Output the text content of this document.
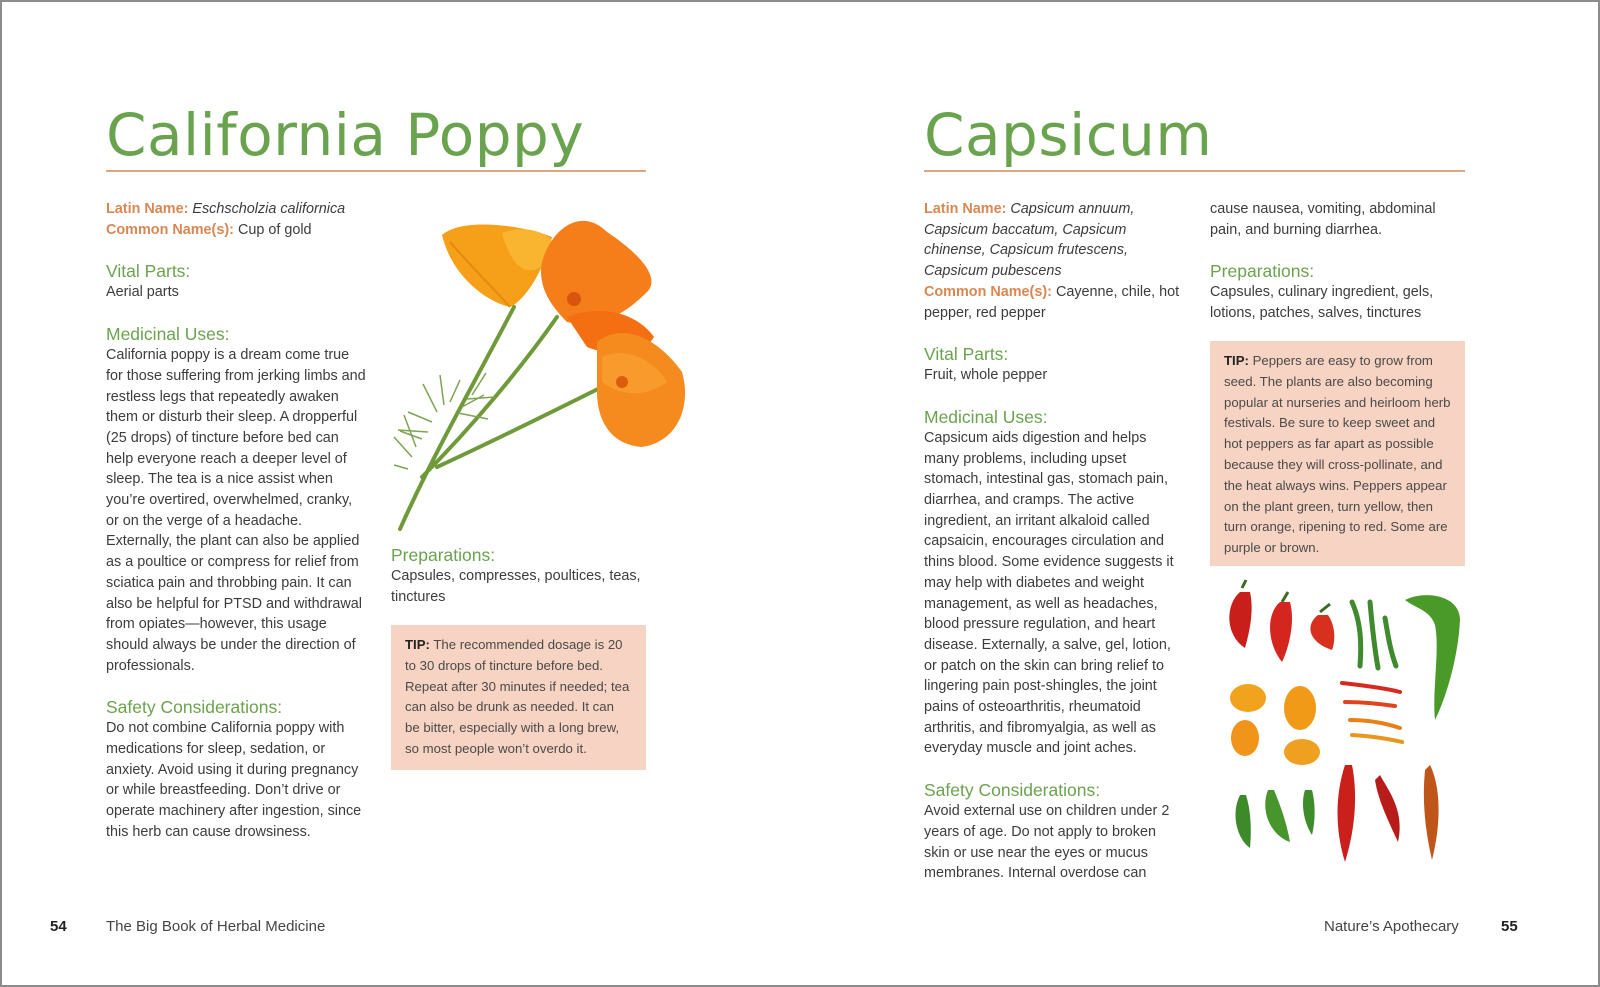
California Poppy

Latin Name: Eschscholzia californica

Common Name(s): Cup of gold

Vital Parts:

Aerial parts

Medicinal Uses:

California poppy is a dream come true for those suffering from jerking limbs and restless legs that repeatedly awaken them or disturb their sleep. A dropperful (25 drops) of tincture before bed can help everyone reach a deeper level of sleep. The tea is a nice assist when you’re overtired, overwhelmed, cranky, or on the verge of a headache. Externally, the plant can also be applied as a poultice or compress for relief from sciatica pain and throbbing pain. It can also be helpful for PTSD and withdrawal from opiates—however, this usage should always be under the direction of professionals.

Safety Considerations:

Do not combine California poppy with medications for sleep, sedation, or anxiety. Avoid using it during pregnancy or while breastfeeding. Don’t drive or operate machinery after ingestion, since this herb can cause drowsiness.

Preparations:

Capsules, compresses, poultices, teas, tinctures

TIP: The recommended dosage is 20 to 30 drops of tincture before bed. Repeat after 30 minutes if needed; tea can also be drunk as needed. It can be bitter, especially with a long brew, so most people won’t overdo it.
54	The Big Book of Herbal Medicine
Capsicum

Latin Name: Capsicum annuum, Capsicum baccatum, Capsicum chinense, Capsicum frutescens, Capsicum pubescens

Common Name(s): Cayenne, chile, hot pepper, red pepper

Vital Parts:

Fruit, whole pepper

Medicinal Uses:

Capsicum aids digestion and helps many problems, including upset stomach, intestinal gas, stomach pain, diarrhea, and cramps. The active ingredient, an irritant alkaloid called capsaicin, encourages circulation and thins blood. Some evidence suggests it may help with diabetes and weight management, as well as headaches, blood pressure regulation, and heart disease. Externally, a salve, gel, lotion, or patch on the skin can bring relief to lingering pain post-shingles, the joint pains of osteoarthritis, rheumatoid arthritis, and fibromyalgia, as well as everyday muscle and joint aches.

Safety Considerations:

Avoid external use on children under 2 years of age. Do not apply to broken skin or use near the eyes or mucus membranes. Internal overdose can

cause nausea, vomiting, abdominal pain, and burning diarrhea.

Preparations:

Capsules, culinary ingredient, gels, lotions, patches, salves, tinctures

TIP: Peppers are easy to grow from seed. The plants are also becoming popular at nurseries and heirloom herb festivals. Be sure to keep sweet and hot peppers as far apart as possible because they will cross-pollinate, and the heat always wins. Peppers appear on the plant green, turn yellow, then turn orange, ripening to red. Some are purple or brown.
Nature’s Apothecary	55
